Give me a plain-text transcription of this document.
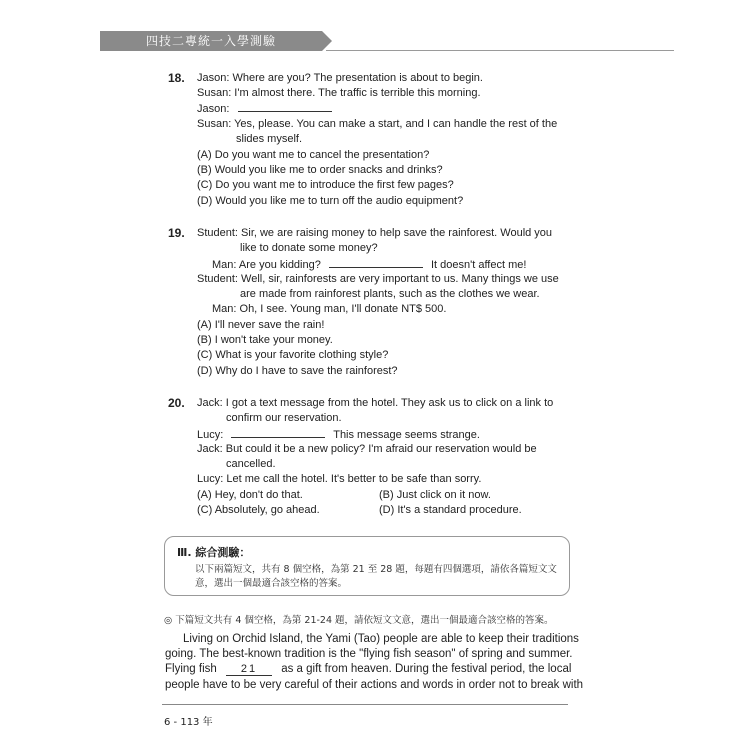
四技二專統一入學測驗
18. Jason: Where are you? The presentation is about to begin.
Susan: I'm almost there. The traffic is terrible this morning.
Jason:
Susan: Yes, please. You can make a start, and I can handle the rest of the
slides myself.
(A) Do you want me to cancel the presentation?
(B) Would you like me to order snacks and drinks?
(C) Do you want me to introduce the first few pages?
(D) Would you like me to turn off the audio equipment?
19. Student: Sir, we are raising money to help save the rainforest. Would you
like to donate some money?
Man: Are you kidding?	It doesn't affect me!
Student: Well, sir, rainforests are very important to us. Many things we use
are made from rainforest plants, such as the clothes we wear.
Man: Oh, I see. Young man, I'll donate NT$ 500.
(A) I'll never save the rain!
(B) I won't take your money.
(C) What is your favorite clothing style?
(D) Why do I have to save the rainforest?
20. Jack: I got a text message from the hotel. They ask us to click on a link to
confirm our reservation.
Lucy:	This message seems strange.
Jack: But could it be a new policy? I'm afraid our reservation would be
cancelled.
Lucy: Let me call the hotel. It's better to be safe than sorry.
(A) Hey, don't do that.	(B) Just click on it now.
(C) Absolutely, go ahead.	(D) It's a standard procedure.
Ⅲ. 綜合測驗：
以下兩篇短文，共有 8 個空格，為第 21 至 28 題，每題有四個選項，請依各篇短文文
意，選出一個最適合該空格的答案。
◎ 下篇短文共有 4 個空格，為第 21-24 題，請依短文文意，選出一個最適合該空格的答案。
Living on Orchid Island, the Yami (Tao) people are able to keep their traditions
going. The best-known tradition is the "flying fish season" of spring and summer.
Flying fish 21 as a gift from heaven. During the festival period, the local
people have to be very careful of their actions and words in order not to break with
6 - 113 年
